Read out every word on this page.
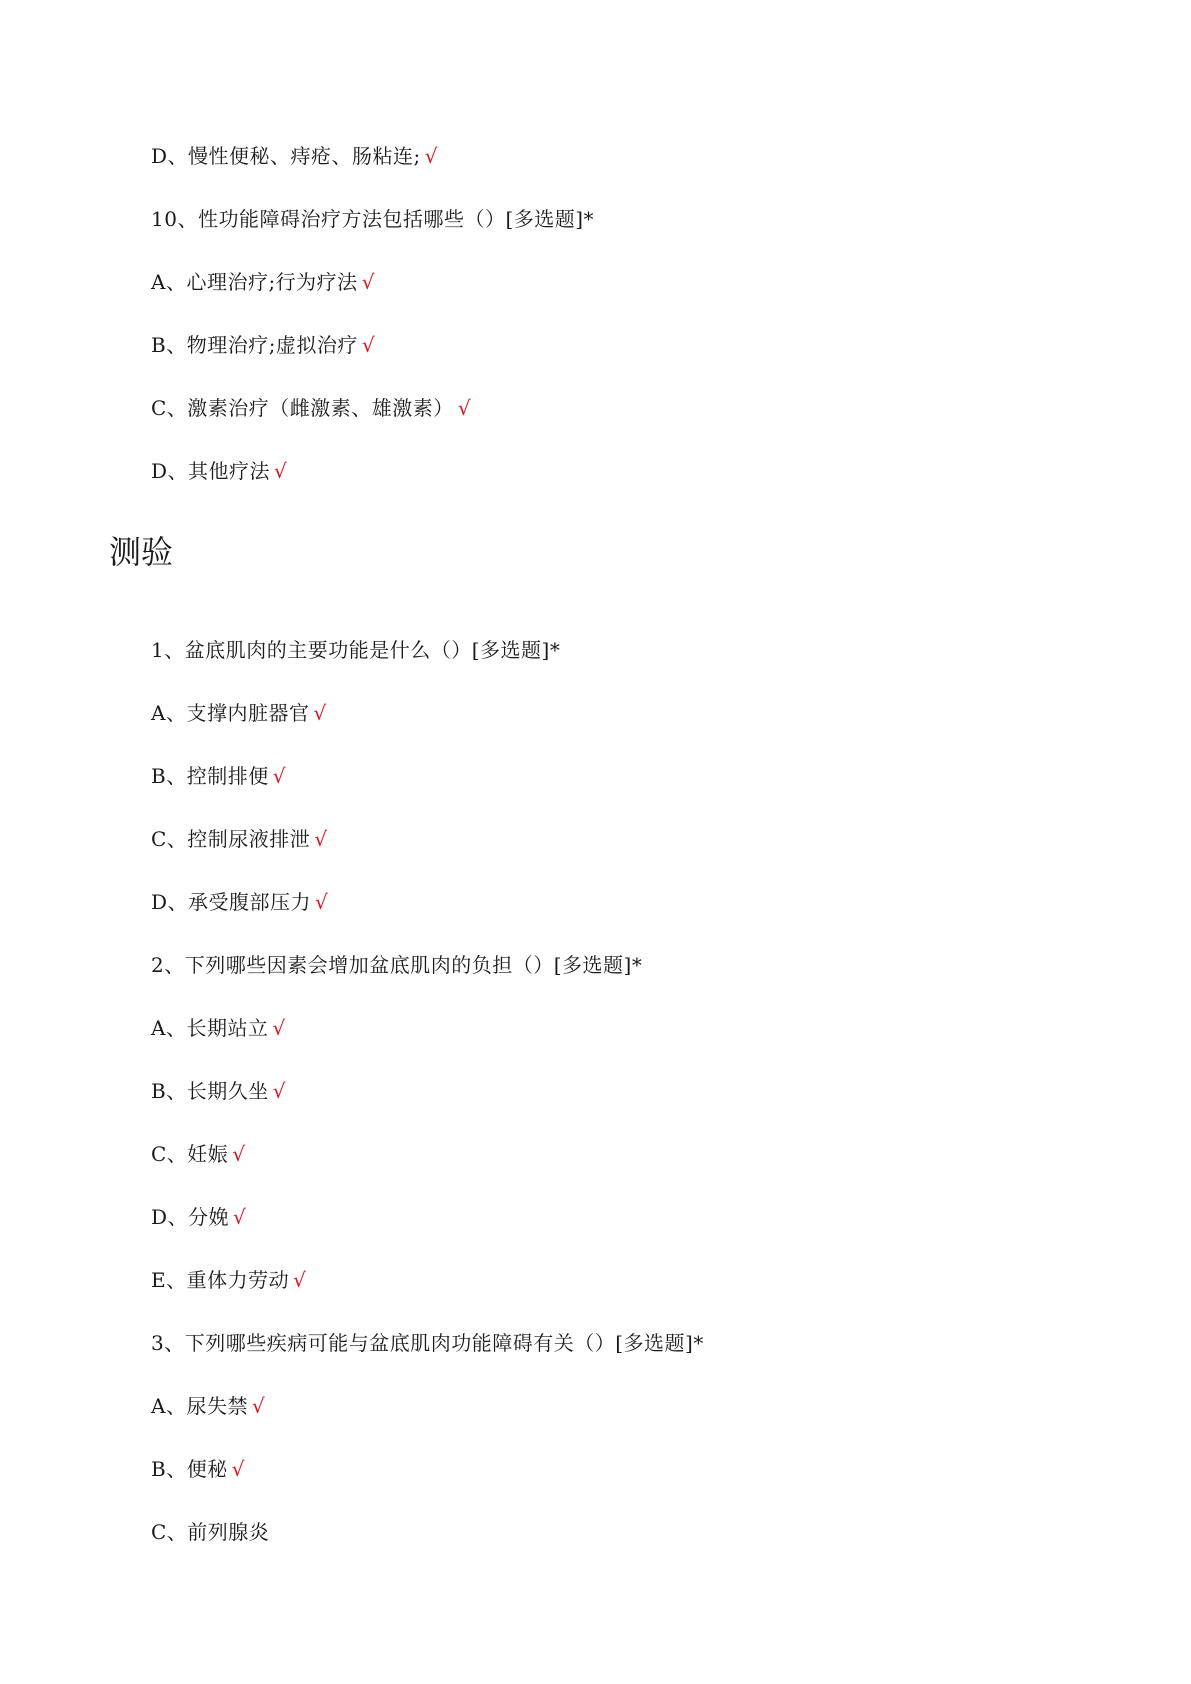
D、慢性便秘、痔疮、肠粘连; √
10、性功能障碍治疗方法包括哪些（）[多选题]*
A、心理治疗;行为疗法 √
B、物理治疗;虚拟治疗 √
C、激素治疗（雌激素、雄激素） √
D、其他疗法 √
测验
1、盆底肌肉的主要功能是什么（）[多选题]*
A、支撑内脏器官 √
B、控制排便 √
C、控制尿液排泄 √
D、承受腹部压力 √
2、下列哪些因素会增加盆底肌肉的负担（）[多选题]*
A、长期站立 √
B、长期久坐 √
C、妊娠 √
D、分娩 √
E、重体力劳动 √
3、下列哪些疾病可能与盆底肌肉功能障碍有关（）[多选题]*
A、尿失禁 √
B、便秘 √
C、前列腺炎
